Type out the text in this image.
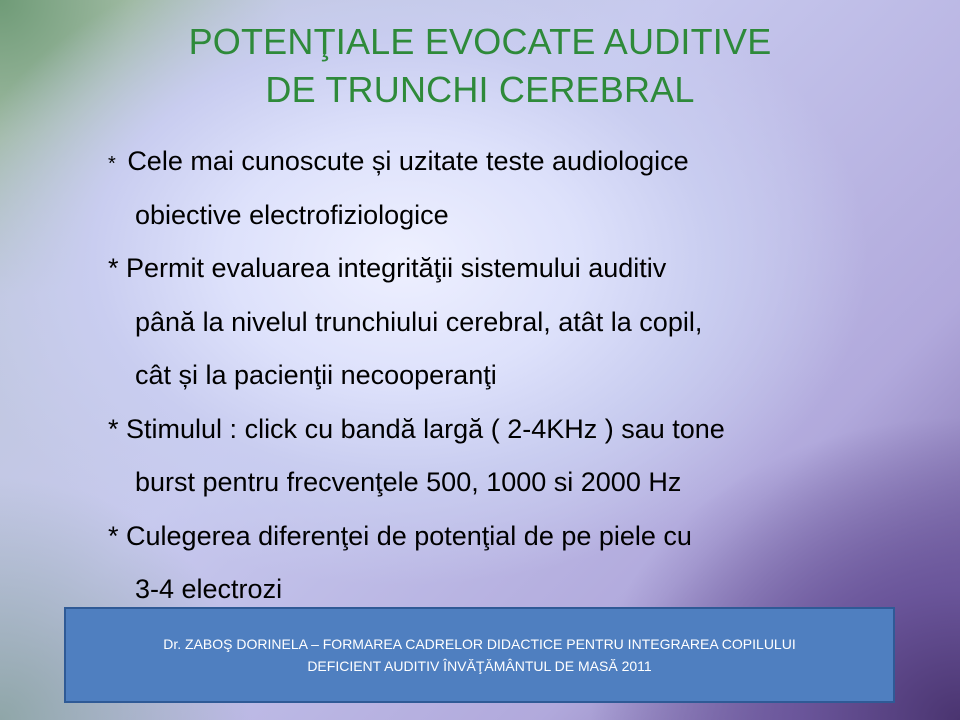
POTENŢIALE EVOCATE AUDITIVE
DE TRUNCHI CEREBRAL
* Cele mai cunoscute și uzitate teste audiologice
obiective electrofiziologice
* Permit evaluarea integrităţii sistemului auditiv
până la nivelul trunchiului cerebral, atât la copil,
cât și la pacienţii necooperanţi
* Stimulul : click cu bandă largă ( 2-4KHz ) sau tone
burst pentru frecvenţele 500, 1000 si 2000 Hz
* Culegerea diferenţei de potenţial de pe piele cu
3-4 electrozi
Dr. ZABOŞ DORINELA – FORMAREA CADRELOR DIDACTICE PENTRU INTEGRAREA COPILULUI
DEFICIENT AUDITIV ÎNVĂŢĂMÂNTUL DE MASĂ 2011
